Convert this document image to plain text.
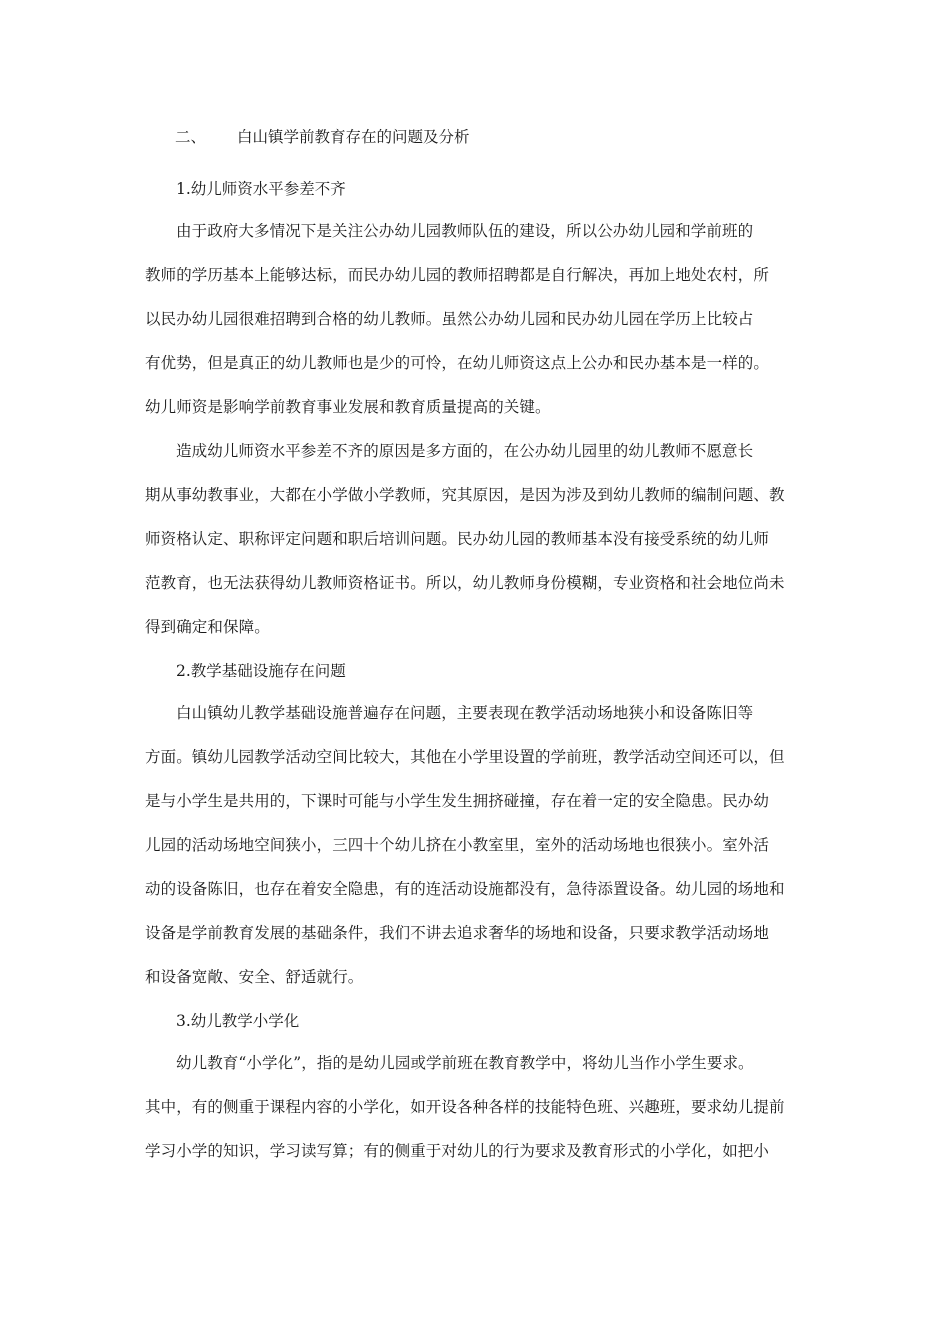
二、 白山镇学前教育存在的问题及分析
1.幼儿师资水平参差不齐
由于政府大多情况下是关注公办幼儿园教师队伍的建设，所以公办幼儿园和学前班的
教师的学历基本上能够达标，而民办幼儿园的教师招聘都是自行解决，再加上地处农村，所
以民办幼儿园很难招聘到合格的幼儿教师。虽然公办幼儿园和民办幼儿园在学历上比较占
有优势，但是真正的幼儿教师也是少的可怜，在幼儿师资这点上公办和民办基本是一样的。
幼儿师资是影响学前教育事业发展和教育质量提高的关键。
造成幼儿师资水平参差不齐的原因是多方面的，在公办幼儿园里的幼儿教师不愿意长
期从事幼教事业，大都在小学做小学教师，究其原因，是因为涉及到幼儿教师的编制问题、教
师资格认定、职称评定问题和职后培训问题。民办幼儿园的教师基本没有接受系统的幼儿师
范教育，也无法获得幼儿教师资格证书。所以，幼儿教师身份模糊，专业资格和社会地位尚未
得到确定和保障。
2.教学基础设施存在问题
白山镇幼儿教学基础设施普遍存在问题，主要表现在教学活动场地狭小和设备陈旧等
方面。镇幼儿园教学活动空间比较大，其他在小学里设置的学前班，教学活动空间还可以，但
是与小学生是共用的，下课时可能与小学生发生拥挤碰撞，存在着一定的安全隐患。民办幼
儿园的活动场地空间狭小，三四十个幼儿挤在小教室里，室外的活动场地也很狭小。室外活
动的设备陈旧，也存在着安全隐患，有的连活动设施都没有，急待添置设备。幼儿园的场地和
设备是学前教育发展的基础条件，我们不讲去追求奢华的场地和设备，只要求教学活动场地
和设备宽敞、安全、舒适就行。
3.幼儿教学小学化
幼儿教育“小学化”，指的是幼儿园或学前班在教育教学中，将幼儿当作小学生要求。
其中，有的侧重于课程内容的小学化，如开设各种各样的技能特色班、兴趣班，要求幼儿提前
学习小学的知识，学习读写算；有的侧重于对幼儿的行为要求及教育形式的小学化，如把小
